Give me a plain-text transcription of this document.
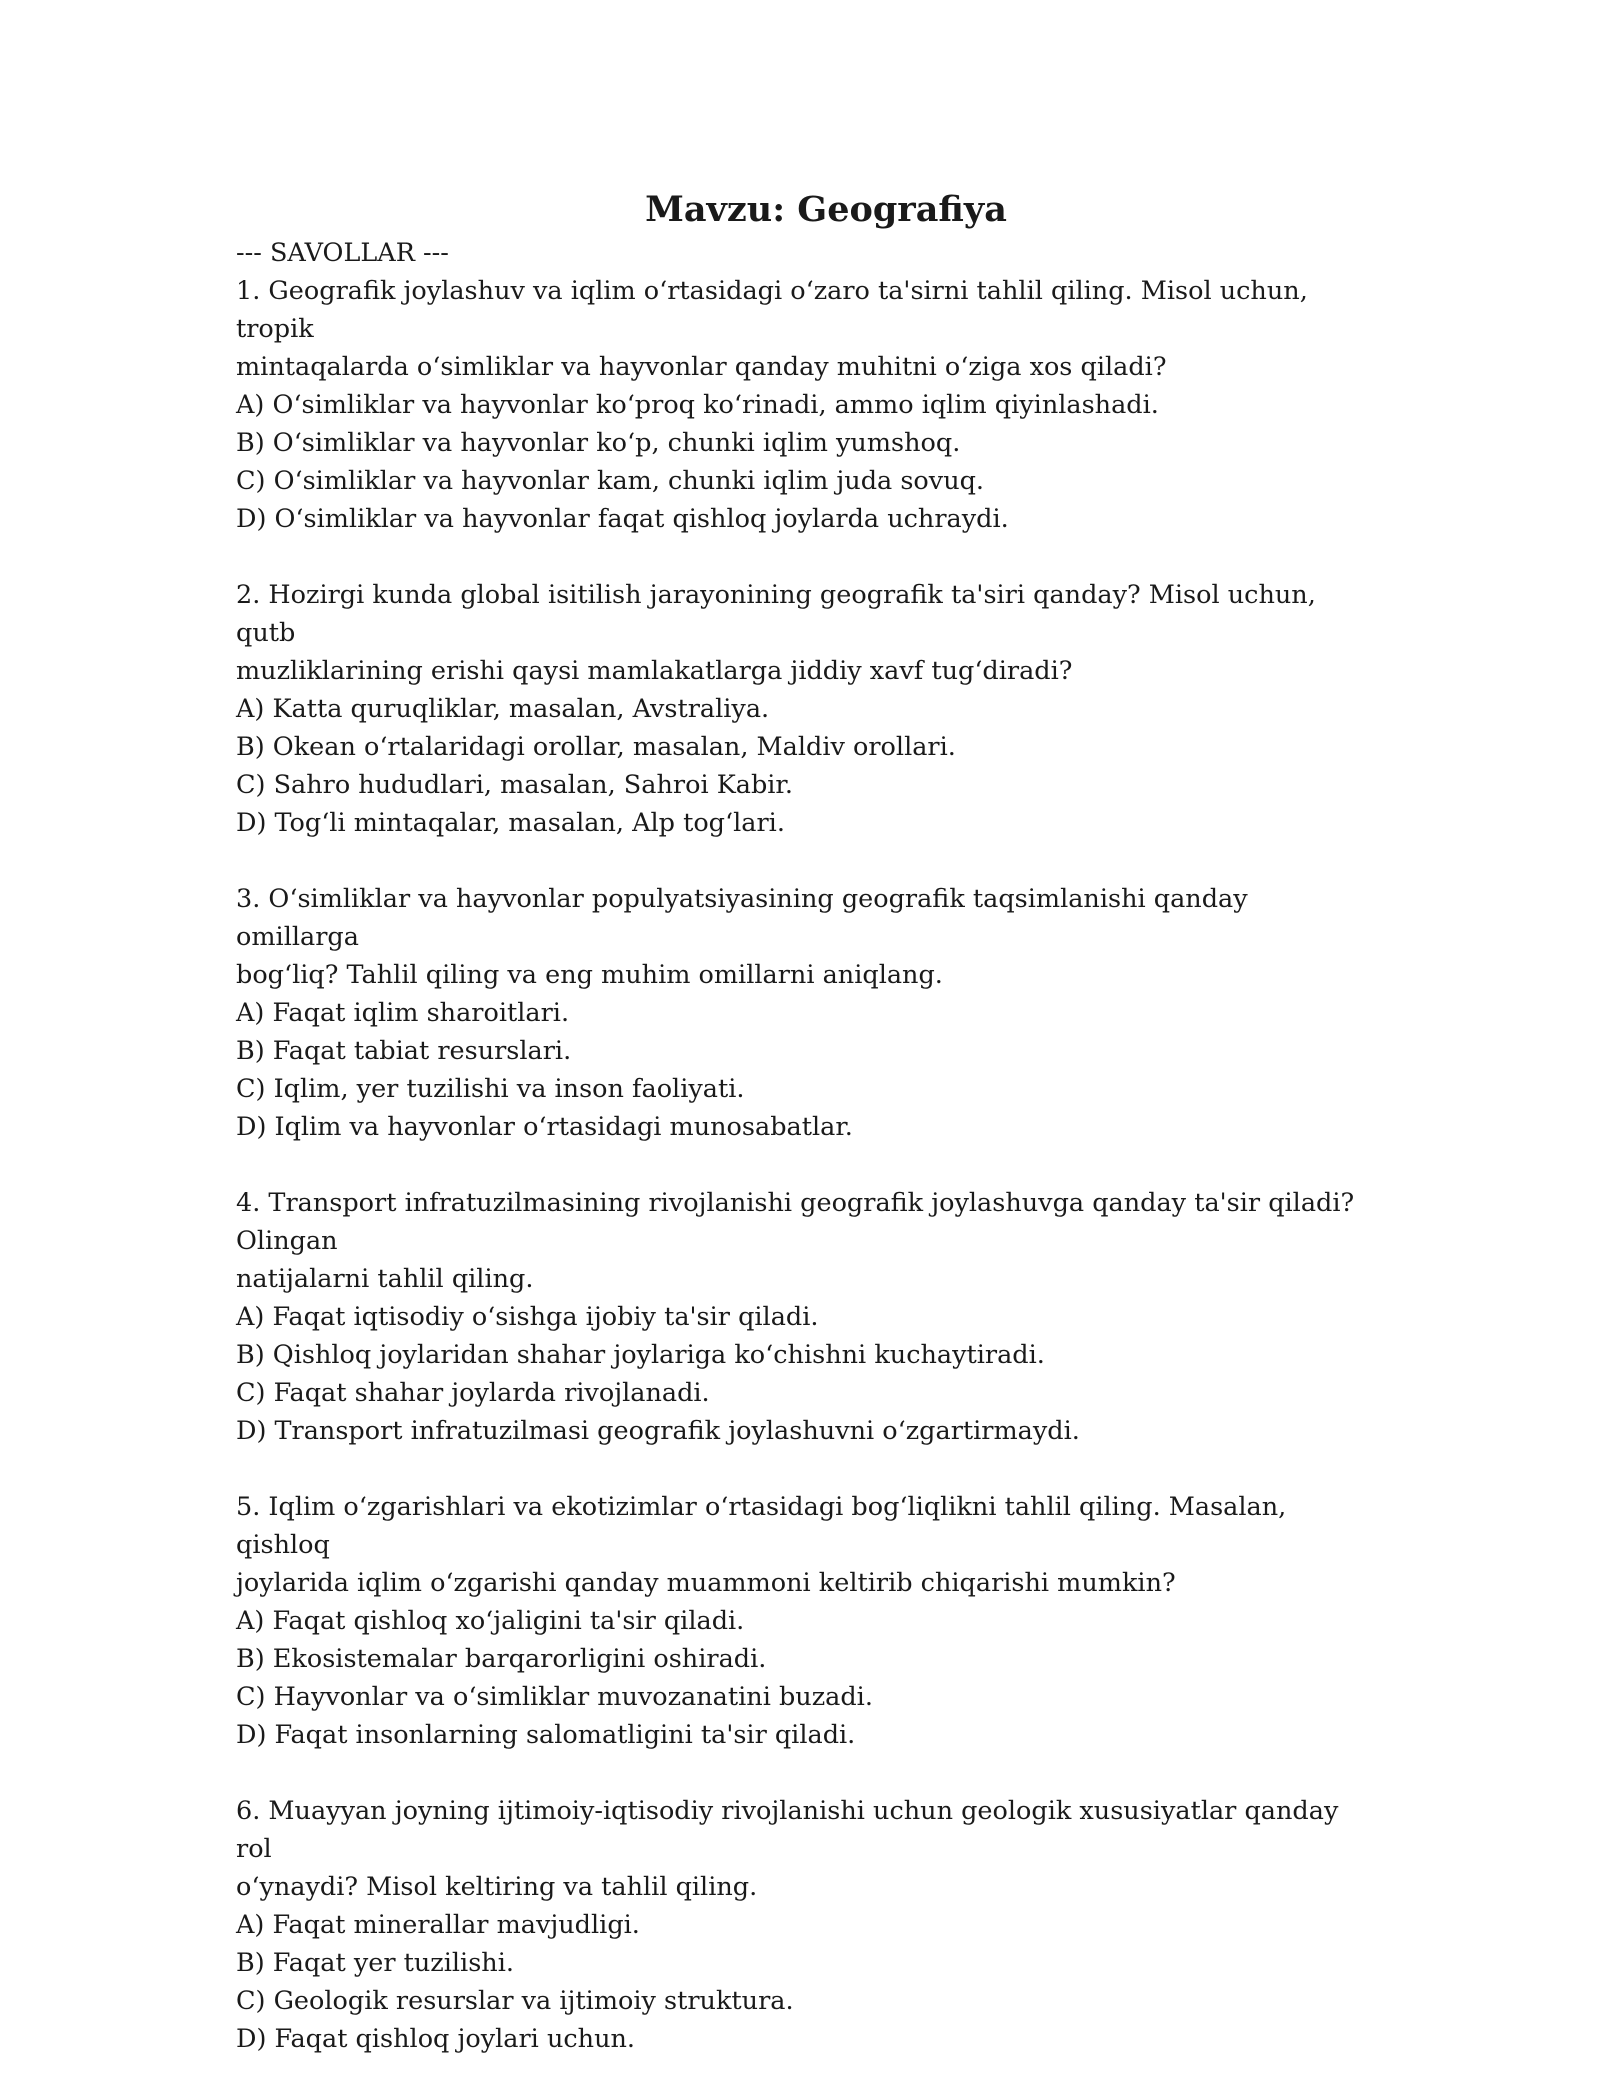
Mavzu: Geografiya

--- SAVOLLAR ---

1. Geografik joylashuv va iqlim o‘rtasidagi o‘zaro ta'sirni tahlil qiling. Misol uchun, tropik

mintaqalarda o‘simliklar va hayvonlar qanday muhitni o‘ziga xos qiladi?

A) O‘simliklar va hayvonlar ko‘proq ko‘rinadi, ammo iqlim qiyinlashadi.

B) O‘simliklar va hayvonlar ko‘p, chunki iqlim yumshoq.

C) O‘simliklar va hayvonlar kam, chunki iqlim juda sovuq.

D) O‘simliklar va hayvonlar faqat qishloq joylarda uchraydi.

2. Hozirgi kunda global isitilish jarayonining geografik ta'siri qanday? Misol uchun, qutb

muzliklarining erishi qaysi mamlakatlarga jiddiy xavf tug‘diradi?

A) Katta quruqliklar, masalan, Avstraliya.

B) Okean o‘rtalaridagi orollar, masalan, Maldiv orollari.

C) Sahro hududlari, masalan, Sahroi Kabir.

D) Tog‘li mintaqalar, masalan, Alp tog‘lari.

3. O‘simliklar va hayvonlar populyatsiyasining geografik taqsimlanishi qanday omillarga

bog‘liq? Tahlil qiling va eng muhim omillarni aniqlang.

A) Faqat iqlim sharoitlari.

B) Faqat tabiat resurslari.

C) Iqlim, yer tuzilishi va inson faoliyati.

D) Iqlim va hayvonlar o‘rtasidagi munosabatlar.

4. Transport infratuzilmasining rivojlanishi geografik joylashuvga qanday ta'sir qiladi? Olingan

natijalarni tahlil qiling.

A) Faqat iqtisodiy o‘sishga ijobiy ta'sir qiladi.

B) Qishloq joylaridan shahar joylariga ko‘chishni kuchaytiradi.

C) Faqat shahar joylarda rivojlanadi.

D) Transport infratuzilmasi geografik joylashuvni o‘zgartirmaydi.

5. Iqlim o‘zgarishlari va ekotizimlar o‘rtasidagi bog‘liqlikni tahlil qiling. Masalan, qishloq

joylarida iqlim o‘zgarishi qanday muammoni keltirib chiqarishi mumkin?

A) Faqat qishloq xo‘jaligini ta'sir qiladi.

B) Ekosistemalar barqarorligini oshiradi.

C) Hayvonlar va o‘simliklar muvozanatini buzadi.

D) Faqat insonlarning salomatligini ta'sir qiladi.

6. Muayyan joyning ijtimoiy-iqtisodiy rivojlanishi uchun geologik xususiyatlar qanday rol

o‘ynaydi? Misol keltiring va tahlil qiling.

A) Faqat minerallar mavjudligi.

B) Faqat yer tuzilishi.

C) Geologik resurslar va ijtimoiy struktura.

D) Faqat qishloq joylari uchun.
